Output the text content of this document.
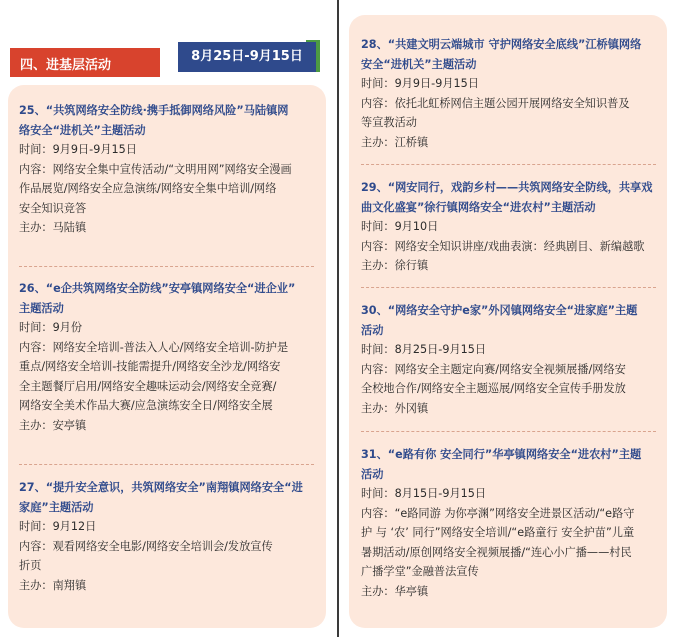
四、进基层活动
8月25日-9月15日
25、“共筑网络安全防线·携手抵御网络风险”马陆镇网
络安全“进机关”主题活动
时间：9月9日-9月15日
内容：网络安全集中宣传活动/“文明用网”网络安全漫画
作品展览/网络安全应急演练/网络安全集中培训/网络
安全知识竞答
主办：马陆镇
26、“e企共筑网络安全防线”安亭镇网络安全“进企业”
主题活动
时间：9月份
内容：网络安全培训-普法入人心/网络安全培训-防护是
重点/网络安全培训-技能需提升/网络安全沙龙/网络安
全主题餐厅启用/网络安全趣味运动会/网络安全竞赛/
网络安全美术作品大赛/应急演练安全日/网络安全展
主办：安亭镇
27、“提升安全意识，共筑网络安全”南翔镇网络安全“进
家庭”主题活动
时间：9月12日
内容：观看网络安全电影/网络安全培训会/发放宣传
折页
主办：南翔镇
28、“共建文明云端城市 守护网络安全底线”江桥镇网络
安全“进机关”主题活动
时间：9月9日-9月15日
内容：依托北虹桥网信主题公园开展网络安全知识普及
等宣教活动
主办：江桥镇
29、“网安同行，戏韵乡村——共筑网络安全防线，共享戏
曲文化盛宴”徐行镇网络安全“进农村”主题活动
时间：9月10日
内容：网络安全知识讲座/戏曲表演：经典剧目、新编越歌
主办：徐行镇
30、“网络安全守护e家”外冈镇网络安全“进家庭”主题
活动
时间：8月25日-9月15日
内容：网络安全主题定向赛/网络安全视频展播/网络安
全校地合作/网络安全主题巡展/网络安全宣传手册发放
主办：外冈镇
31、“e路有你 安全同行”华亭镇网络安全“进农村”主题
活动
时间：8月15日-9月15日
内容：“e路同游 为你亭渊”网络安全进景区活动/“e路守
护 与 ‘农’ 同行”网络安全培训/“e路童行 安全护苗”儿童
暑期活动/原创网络安全视频展播/“连心小广播——村民
广播学堂”金融普法宣传
主办：华亭镇
